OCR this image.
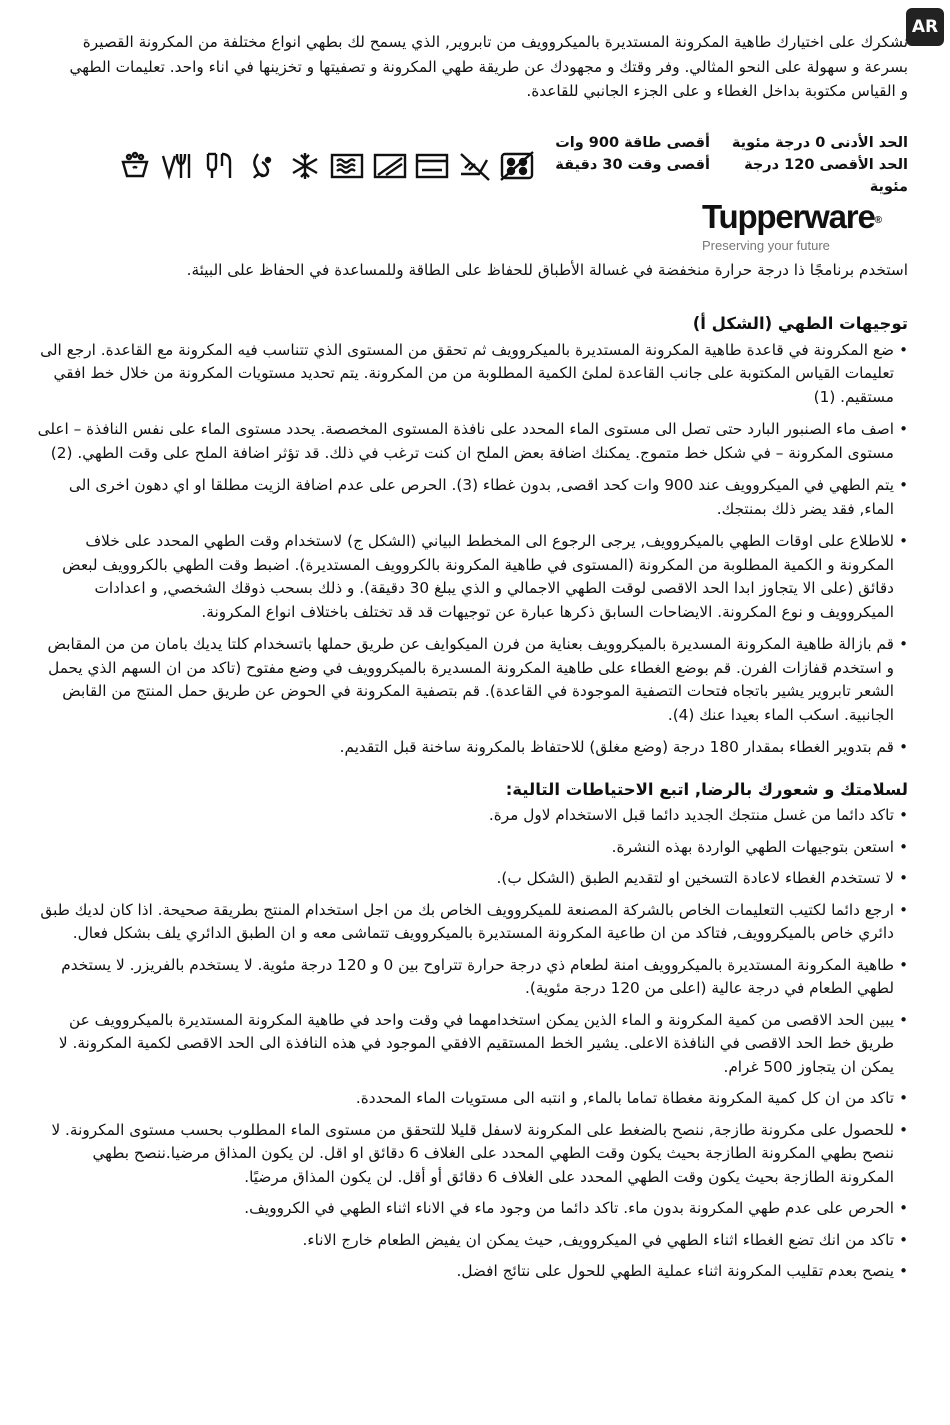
AR

نشكرك على اختيارك طاهية المكرونة المستديرة بالميكروويف من تابروير, الذي يسمح لك بطهي انواع مختلفة من المكرونة القصيرة بسرعة و سهولة على النحو المثالي. وفر وقتك و مجهودك عن طريقة طهي المكرونة و تصفيتها و تخزينها في اناء واحد. تعليمات الطهي و القياس مكتوبة بداخل الغطاء و على الجزء الجانبي للقاعدة.

الحد الأدنى 0 درجة مئوية
الحد الأقصى 120 درجة مئوية
أقصى طاقة 900 وات
أقصى وقت 30 دقيقة
Tupperware®
Preserving your future

استخدم برنامجًا ذا درجة حرارة منخفضة في غسالة الأطباق للحفاظ على الطاقة وللمساعدة في الحفاظ على البيئة.

توجيهات الطهي (الشكل أ)
• ضع المكرونة في قاعدة طاهية المكرونة المستديرة بالميكروويف ثم تحقق من المستوى الذي تتناسب فيه المكرونة مع القاعدة. ارجع الى تعليمات القياس المكتوبة على جانب القاعدة لملئ الكمية المطلوبة من من المكرونة. يتم تحديد مستويات المكرونة من خلال خط افقي مستقيم. (1)
• اصف ماء الصنبور البارد حتى تصل الى مستوى الماء المحدد على نافذة المستوى المخصصة. يحدد مستوى الماء على نفس النافذة – اعلى مستوى المكرونة – في شكل خط متموج. يمكنك اضافة بعض الملح ان كنت ترغب في ذلك. قد تؤثر اضافة الملح على وقت الطهي. (2)
• يتم الطهي في الميكروويف عند 900 وات كحد اقصى, بدون غطاء (3). الحرص على عدم اضافة الزيت مطلقا او اي دهون اخرى الى الماء, فقد يضر ذلك بمنتجك.
• للاطلاع على اوقات الطهي بالميكروويف, يرجى الرجوع الى المخطط البياني (الشكل ج) لاستخدام وقت الطهي المحدد على خلاف المكرونة و الكمية المطلوبة من المكرونة (المستوى في طاهية المكرونة بالكروويف المستديرة). اضبط وقت الطهي بالكروويف لبعض دقائق (على الا يتجاوز ابدا الحد الاقصى لوقت الطهي الاجمالي و الذي يبلغ 30 دقيقة). و ذلك بسحب ذوقك الشخصي, و اعدادات الميكروويف و نوع المكرونة. الايضاحات السابق ذكرها عبارة عن توجيهات قد قد تختلف باختلاف انواع المكرونة.
• قم بازالة طاهية المكرونة المسديرة بالميكروويف بعناية من فرن الميكوايف عن طريق حملها باتسخدام كلتا يديك بامان من من المقابض و استخدم قفازات الفرن. قم بوضع الغطاء على طاهية المكرونة المسديرة بالميكروويف في وضع مفتوح (تاكد من ان السهم الذي يحمل الشعر تابروير يشير باتجاه فتحات التصفية الموجودة في القاعدة). قم بتصفية المكرونة في الحوض عن طريق حمل المنتج من القابض الجانبية. اسكب الماء بعيدا عنك (4).
• قم بتدوير الغطاء بمقدار 180 درجة (وضع مغلق) للاحتفاظ بالمكرونة ساخنة قبل التقديم.
لسلامتك و شعورك بالرضا, اتبع الاحتياطات التالية:
• تاكد دائما من غسل منتجك الجديد دائما قبل الاستخدام لاول مرة.
• استعن بتوجيهات الطهي الواردة بهذه النشرة.
• لا تستخدم الغطاء لاعادة التسخين او لتقديم الطبق (الشكل ب).
• ارجع دائما لكتيب التعليمات الخاص بالشركة المصنعة للميكروويف الخاص بك من اجل استخدام المنتج بطريقة صحيحة. اذا كان لديك طبق دائري خاص بالميكروويف, فتاكد من ان طاعية المكرونة المستديرة بالميكروويف تتماشى معه و ان الطبق الدائري يلف بشكل فعال.
• طاهية المكرونة المستديرة بالميكروويف امنة لطعام ذي درجة حرارة تتراوح بين 0 و 120 درجة مئوية. لا يستخدم بالفريزر. لا يستخدم لطهي الطعام في درجة عالية (اعلى من 120 درجة مئوية).
• يبين الحد الاقصى من كمية المكرونة و الماء الذين يمكن استخدامهما في وقت واحد في طاهية المكرونة المستديرة بالميكروويف عن طريق خط الحد الاقصى في النافذة الاعلى. يشير الخط المستقيم الافقي الموجود في هذه النافذة الى الحد الاقصى لكمية المكرونة. لا يمكن ان يتجاوز 500 غرام.
• تاكد من ان كل كمية المكرونة مغطاة تماما بالماء, و انتبه الى مستويات الماء المحددة.
• للحصول على مكرونة طازجة, ننصح بالضغط على المكرونة لاسفل قليلا للتحقق من مستوى الماء المطلوب بحسب مستوى المكرونة. لا ننصح بطهي المكرونة الطازجة بحيث يكون وقت الطهي المحدد على الغلاف 6 دقائق او اقل. لن يكون المذاق مرضيا.ننصح بطهي المكرونة الطازجة بحيث يكون وقت الطهي المحدد على الغلاف 6 دقائق أو أقل. لن يكون المذاق مرضيًا.
• الحرص على عدم طهي المكرونة بدون ماء. تاكد دائما من وجود ماء في الاناء اثناء الطهي في الكروويف.
• تاكد من انك تضع الغطاء اثناء الطهي في الميكروويف, حيث يمكن ان يفيض الطعام خارج الاناء.
• ينصح بعدم تقليب المكرونة اثناء عملية الطهي للحول على نتائج افضل.
